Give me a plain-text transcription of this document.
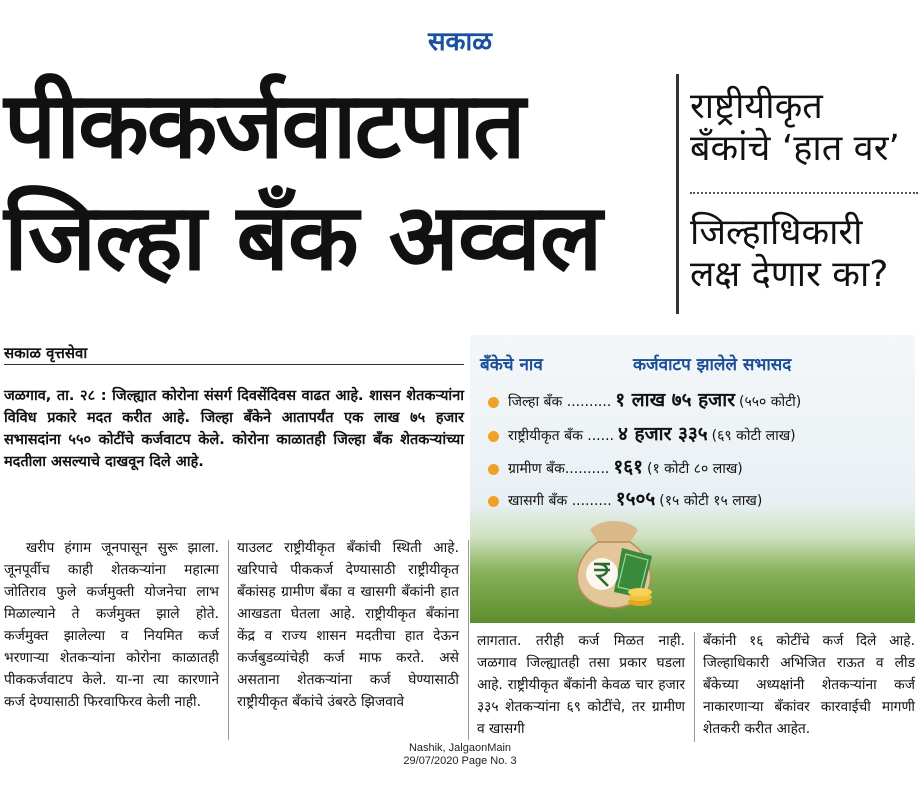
सकाळ
पीककर्जवाटपात
जिल्हा बँक अव्वल
राष्ट्रीयीकृत
बँकांचे ‘हात वर’
जिल्हाधिकारी
लक्ष देणार का?
सकाळ वृत्तसेवा
जळगाव, ता. २८ : जिल्ह्यात कोरोना संसर्ग दिवसेंदिवस वाढत आहे. शासन शेतकऱ्यांना विविध प्रकारे मदत करीत आहे. जिल्हा बँकेने आतापर्यंत एक लाख ७५ हजार सभासदांना ५५० कोटींचे कर्जवाटप केले. कोरोना काळातही जिल्हा बँक शेतकऱ्यांच्या मदतीला असल्याचे दाखवून दिले आहे.
बँकेचे नाव	कर्जवाटप झालेले सभासद
जिल्हा बँक .......... १ लाख ७५ हजार (५५० कोटी)
राष्ट्रीयीकृत बँक ...... ४ हजार ३३५ (६९ कोटी लाख)
ग्रामीण बँक.......... १६१ (१ कोटी ८० लाख)
खासगी बँक ......... १५०५ (१५ कोटी १५ लाख)
खरीप हंगाम जूनपासून सुरू झाला. जूनपूर्वीच काही शेतकऱ्यांना महात्मा जोतिराव फुले कर्जमुक्ती योजनेचा लाभ मिळाल्याने ते कर्जमुक्त झाले होते. कर्जमुक्त झालेल्या व नियमित कर्ज भरणाऱ्या शेतकऱ्यांना कोरोना काळातही पीककर्जवाटप केले. या-ना त्या कारणाने कर्ज देण्यासाठी फिरवाफिरव केली नाही.
याउलट राष्ट्रीयीकृत बँकांची स्थिती आहे. खरिपाचे पीककर्ज देण्यासाठी राष्ट्रीयीकृत बँकांसह ग्रामीण बँका व खासगी बँकांनी हात आखडता घेतला आहे. राष्ट्रीयीकृत बँकांना केंद्र व राज्य शासन मदतीचा हात देऊन कर्जबुडव्यांचेही कर्ज माफ करते. असे असताना शेतकऱ्यांना कर्ज घेण्यासाठी राष्ट्रीयीकृत बँकांचे उंबरठे झिजवावे
लागतात. तरीही कर्ज मिळत नाही. जळगाव जिल्ह्यातही तसा प्रकार घडला आहे. राष्ट्रीयीकृत बँकांनी केवळ चार हजार ३३५ शेतकऱ्यांना ६९ कोटींचे, तर ग्रामीण व खासगी
बँकांनी १६ कोटींचे कर्ज दिले आहे. जिल्हाधिकारी अभिजित राऊत व लीड बँकेच्या अध्यक्षांनी शेतकऱ्यांना कर्ज नाकारणाऱ्या बँकांवर कारवाईची मागणी शेतकरी करीत आहेत.
Nashik, JalgaonMain
29/07/2020 Page No. 3
